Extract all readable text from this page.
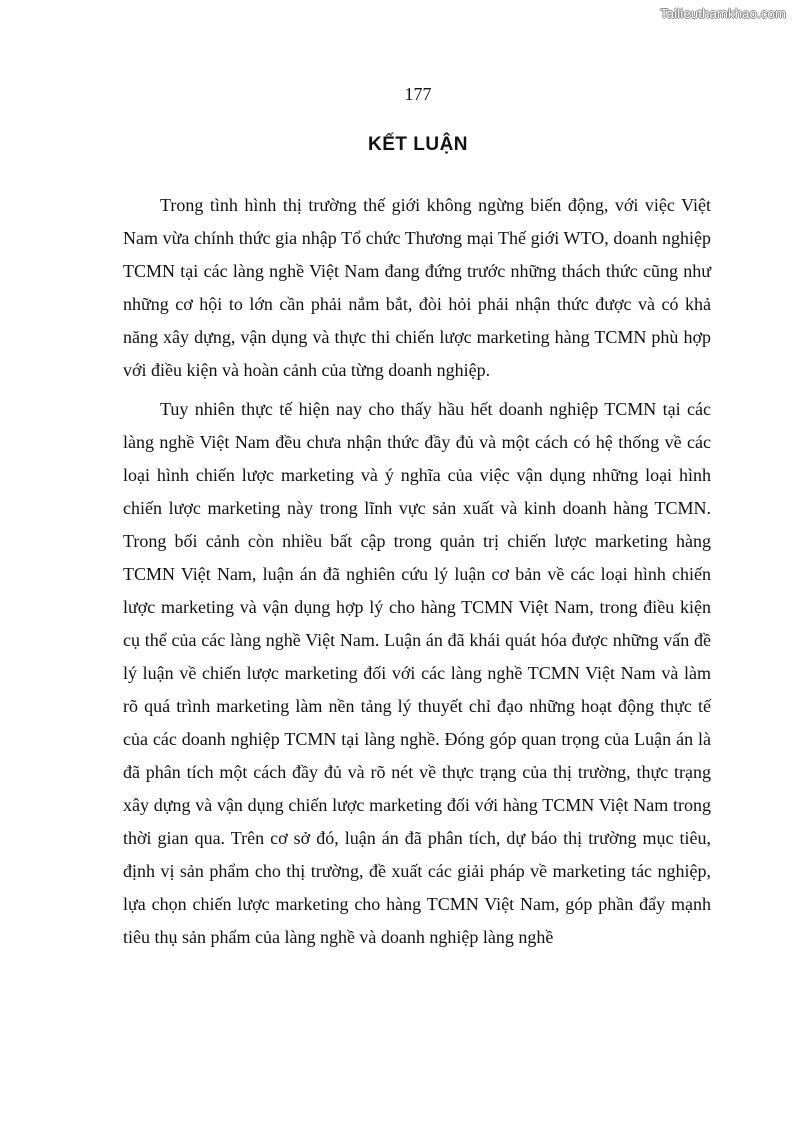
Tailieuthamkhao.com
177
KẾT LUẬN

Trong tình hình thị trường thế giới không ngừng biến động, với việc Việt Nam vừa chính thức gia nhập Tổ chức Thương mại Thế giới WTO, doanh nghiệp TCMN tại các làng nghề Việt Nam đang đứng trước những thách thức cũng như những cơ hội to lớn cần phải nắm bắt, đòi hỏi phải nhận thức được và có khả năng xây dựng, vận dụng và thực thi chiến lược marketing hàng TCMN phù hợp với điều kiện và hoàn cảnh của từng doanh nghiệp.

Tuy nhiên thực tế hiện nay cho thấy hầu hết doanh nghiệp TCMN tại các làng nghề Việt Nam đều chưa nhận thức đầy đủ và một cách có hệ thống về các loại hình chiến lược marketing và ý nghĩa của việc vận dụng những loại hình chiến lược marketing này trong lĩnh vực sản xuất và kinh doanh hàng TCMN. Trong bối cảnh còn nhiều bất cập trong quản trị chiến lược marketing hàng TCMN Việt Nam, luận án đã nghiên cứu lý luận cơ bản về các loại hình chiến lược marketing và vận dụng hợp lý cho hàng TCMN Việt Nam, trong điều kiện cụ thể của các làng nghề Việt Nam. Luận án đã khái quát hóa được những vấn đề lý luận về chiến lược marketing đối với các làng nghề TCMN Việt Nam và làm rõ quá trình marketing làm nền tảng lý thuyết chỉ đạo những hoạt động thực tế của các doanh nghiệp TCMN tại làng nghề. Đóng góp quan trọng của Luận án là đã phân tích một cách đầy đủ và rõ nét về thực trạng của thị trường, thực trạng xây dựng và vận dụng chiến lược marketing đối với hàng TCMN Việt Nam trong thời gian qua. Trên cơ sở đó, luận án đã phân tích, dự báo thị trường mục tiêu, định vị sản phẩm cho thị trường, đề xuất các giải pháp về marketing tác nghiệp, lựa chọn chiến lược marketing cho hàng TCMN Việt Nam, góp phần đẩy mạnh tiêu thụ sản phẩm của làng nghề và doanh nghiệp làng nghề
